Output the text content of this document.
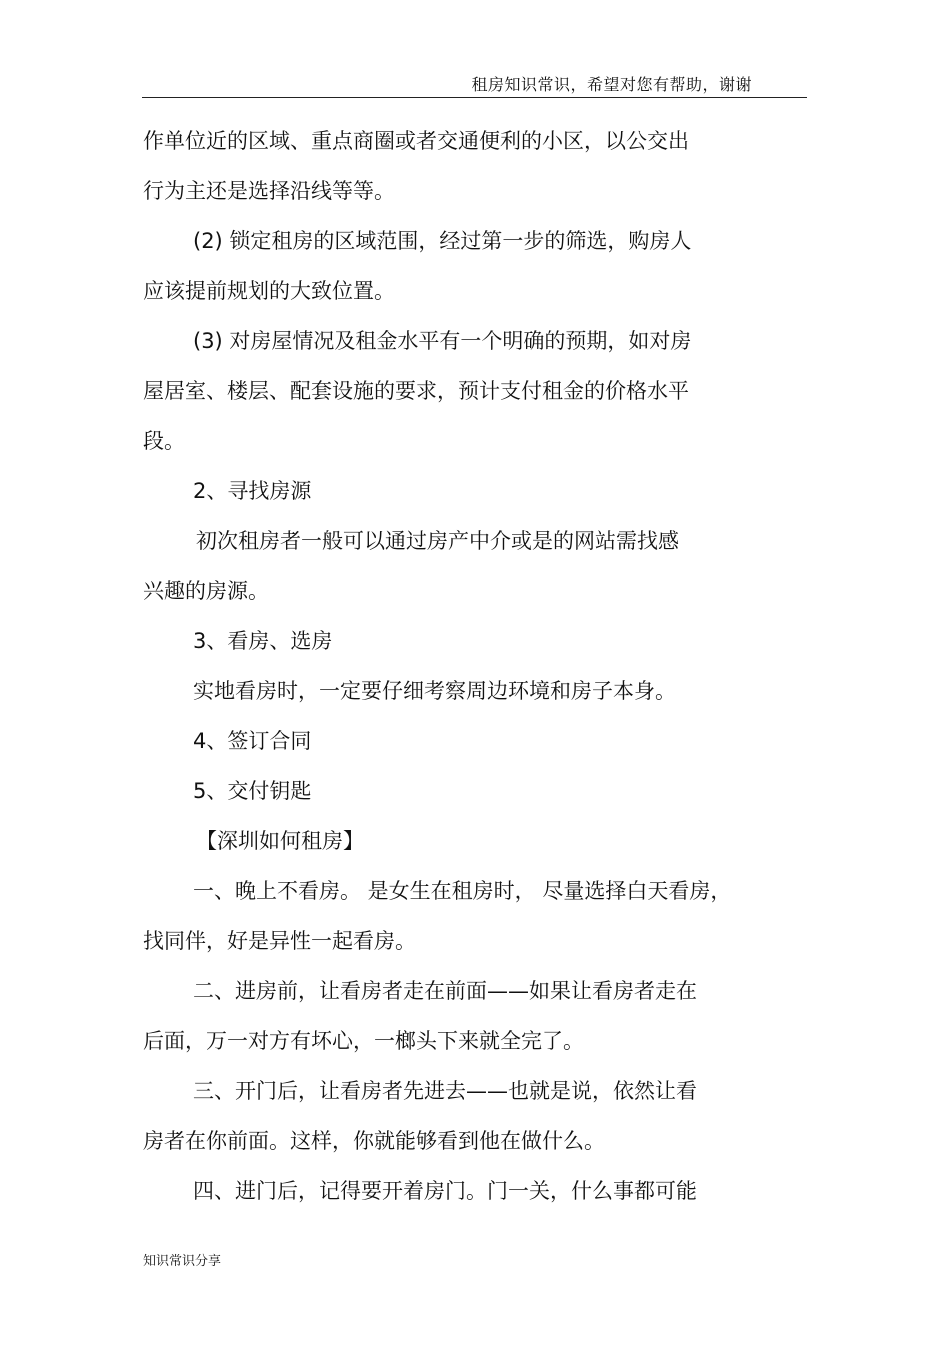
租房知识常识，希望对您有帮助，谢谢
作单位近的区域、重点商圈或者交通便利的小区，以公交出
行为主还是选择沿线等等。
(2) 锁定租房的区域范围，经过第一步的筛选，购房人
应该提前规划的大致位置。
(3) 对房屋情况及租金水平有一个明确的预期，如对房
屋居室、楼层、配套设施的要求，预计支付租金的价格水平
段。
2、寻找房源
初次租房者一般可以通过房产中介或是的网站需找感
兴趣的房源。
3、看房、选房
实地看房时，一定要仔细考察周边环境和房子本身。
4、签订合同
5、交付钥匙
【深圳如何租房】
一、晚上不看房。 是女生在租房时， 尽量选择白天看房，
找同伴，好是异性一起看房。
二、进房前，让看房者走在前面——如果让看房者走在
后面，万一对方有坏心，一榔头下来就全完了。
三、开门后，让看房者先进去——也就是说，依然让看
房者在你前面。这样，你就能够看到他在做什么。
四、进门后，记得要开着房门。门一关，什么事都可能
知识常识分享
